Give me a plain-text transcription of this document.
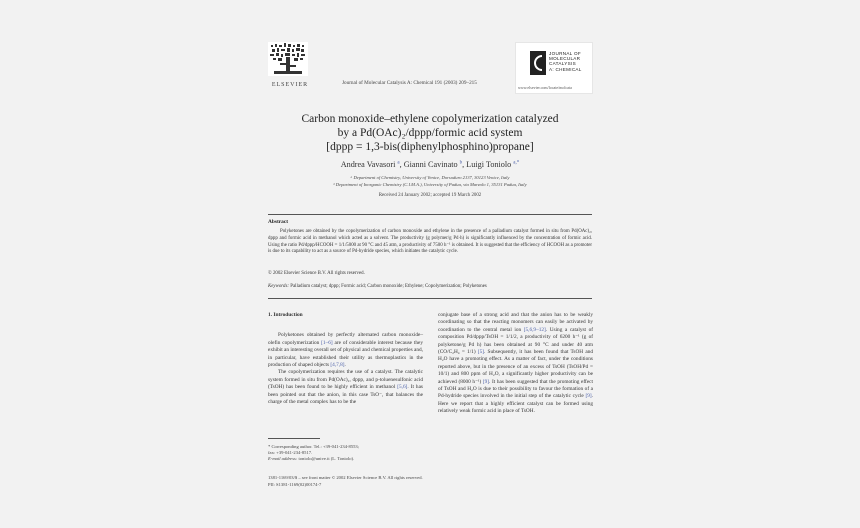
ELSEVIER	Journal of Molecular Catalysis A: Chemical 191 (2003) 209–215
JOURNAL OF
MOLECULAR
CATALYSIS
A: CHEMICAL
www.elsevier.com/locate/molcata
Carbon monoxide–ethylene copolymerization catalyzed
by a Pd(OAc)₂/dppp/formic acid system
[dppp = 1,3-bis(diphenylphosphino)propane]
Andrea Vavasori $^a$, Gianni Cavinato $^b$, Luigi Toniolo $^{a,*}$
ᵃ Department of Chemistry, University of Venice, Dorsoduro 2137, 30123 Venice, Italy
ᵇ Department of Inorganic Chemistry (C.I.M.A.), University of Padua, via Marzolo 1, 35131 Padua, Italy
Received 24 January 2002; accepted 19 March 2002
Abstract
Polyketones are obtained by the copolymerization of carbon monoxide and ethylene in the presence of a palladium catalyst formed in situ from Pd(OAc)₂, dppp and formic acid in methanol which acted as a solvent. The productivity (g polymer/g Pd·h) is significantly influenced by the concentration of formic acid. Using the ratio Pd/dppp/HCOOH = 1/1/5000 at 90 °C and 45 atm, a productivity of 7500 h⁻¹ is obtained. It is suggested that the efficiency of HCOOH as a promoter is due to its capability to act as a source of Pd-hydride species, which initiates the catalytic cycle.
© 2002 Elsevier Science B.V. All rights reserved.
Keywords: Palladium catalyst; dppp; Formic acid; Carbon monoxide; Ethylene; Copolymerization; Polyketones
1. Introduction

Polyketones obtained by perfectly alternated carbon monoxide–olefin copolymerization [1–6] are of considerable interest because they exhibit an interesting overall set of physical and chemical properties and, in particular, have established their utility as thermoplastics in the production of shaped objects [4,7,8].

The copolymerization requires the use of a catalyst. The catalytic system formed in situ from Pd(OAc)₂, dppp, and p-toluenesulfonic acid (TsOH) has been found to be highly efficient in methanol [5,6]. It has been pointed out that the anion, in this case TsO⁻, that balances the charge of the metal complex has to be the

conjugate base of a strong acid and that the anion has to be weakly coordinating so that the reacting monomers can easily be activated by coordination to the central metal ion [5,6,9–12]. Using a catalyst of composition Pd/dppp/TsOH = 1/1/2, a productivity of 6200 h⁻¹ (g of polyketone/g Pd h) has been obtained at 90 °C and under 40 atm (CO/C₂H₄ = 1/1) [5]. Subsequently, it has been found that TsOH and H₂O have a promoting effect. As a matter of fact, under the conditions reported above, but in the presence of an excess of TsOH (TsOH/Pd = 10/1) and 800 ppm of H₂O, a significantly higher productivity can be achieved (8000 h⁻¹) [9]. It has been suggested that the promoting effect of TsOH and H₂O is due to their possibility to favour the formation of a Pd-hydride species involved in the initial step of the catalytic cycle [9]. Here we report that a highly efficient catalyst can be formed using relatively weak formic acid in place of TsOH.

* Corresponding author. Tel.: +39-041-234-8553;
fax: +39-041-234-8517.
E-mail address: toniolo@unive.it (L. Toniolo).
1381-1169/03/$ – see front matter © 2002 Elsevier Science B.V. All rights reserved.
PII: S1381-1169(02)00174-7
